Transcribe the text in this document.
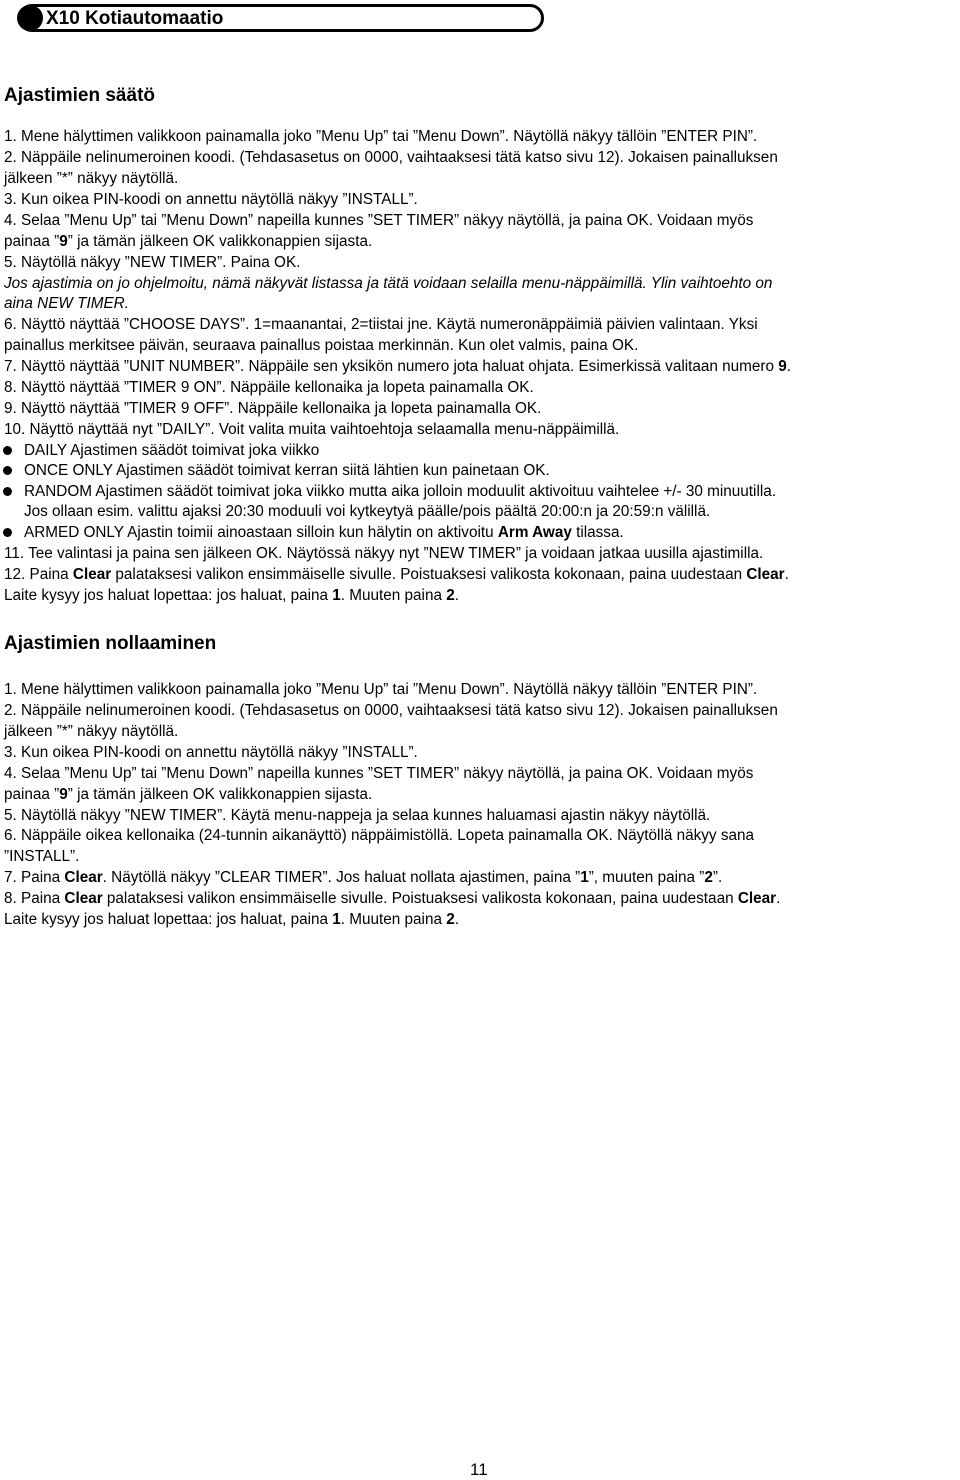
X10 Kotiautomaatio
Ajastimien säätö
1. Mene hälyttimen valikkoon painamalla joko ”Menu Up” tai ”Menu Down”. Näytöllä näkyy tällöin ”ENTER PIN”.
2. Näppäile nelinumeroinen koodi. (Tehdasasetus on 0000, vaihtaaksesi tätä katso sivu 12). Jokaisen painalluksen
jälkeen ”*” näkyy näytöllä.
3. Kun oikea PIN-koodi on annettu näytöllä näkyy ”INSTALL”.
4. Selaa ”Menu Up” tai ”Menu Down” napeilla kunnes ”SET TIMER” näkyy näytöllä, ja paina OK. Voidaan myös
painaa ”9” ja tämän jälkeen OK valikkonappien sijasta.
5. Näytöllä näkyy ”NEW TIMER”. Paina OK.
Jos ajastimia on jo ohjelmoitu, nämä näkyvät listassa ja tätä voidaan selailla menu-näppäimillä. Ylin vaihtoehto on
aina NEW TIMER.
6. Näyttö näyttää ”CHOOSE DAYS”. 1=maanantai, 2=tiistai jne. Käytä numeronäppäimiä päivien valintaan. Yksi
painallus merkitsee päivän, seuraava painallus poistaa merkinnän. Kun olet valmis, paina OK.
7. Näyttö näyttää ”UNIT NUMBER”. Näppäile sen yksikön numero jota haluat ohjata. Esimerkissä valitaan numero 9.
8. Näyttö näyttää ”TIMER 9 ON”. Näppäile kellonaika ja lopeta painamalla OK.
9. Näyttö näyttää ”TIMER 9 OFF”. Näppäile kellonaika ja lopeta painamalla OK.
10. Näyttö näyttää nyt ”DAILY”. Voit valita muita vaihtoehtoja selaamalla menu-näppäimillä.
DAILY Ajastimen säädöt toimivat joka viikko
ONCE ONLY Ajastimen säädöt toimivat kerran siitä lähtien kun painetaan OK.
RANDOM Ajastimen säädöt toimivat joka viikko mutta aika jolloin moduulit aktivoituu vaihtelee +/- 30 minuutilla.
Jos ollaan esim. valittu ajaksi 20:30 moduuli voi kytkeytyä päälle/pois päältä 20:00:n ja 20:59:n välillä.
ARMED ONLY Ajastin toimii ainoastaan silloin kun hälytin on aktivoitu Arm Away tilassa.
11. Tee valintasi ja paina sen jälkeen OK. Näytössä näkyy nyt ”NEW TIMER” ja voidaan jatkaa uusilla ajastimilla.
12. Paina Clear palataksesi valikon ensimmäiselle sivulle. Poistuaksesi valikosta kokonaan, paina uudestaan Clear.
Laite kysyy jos haluat lopettaa: jos haluat, paina 1. Muuten paina 2.
Ajastimien nollaaminen
1. Mene hälyttimen valikkoon painamalla joko ”Menu Up” tai ”Menu Down”. Näytöllä näkyy tällöin ”ENTER PIN”.
2. Näppäile nelinumeroinen koodi. (Tehdasasetus on 0000, vaihtaaksesi tätä katso sivu 12). Jokaisen painalluksen
jälkeen ”*” näkyy näytöllä.
3. Kun oikea PIN-koodi on annettu näytöllä näkyy ”INSTALL”.
4. Selaa ”Menu Up” tai ”Menu Down” napeilla kunnes ”SET TIMER” näkyy näytöllä, ja paina OK. Voidaan myös
painaa ”9” ja tämän jälkeen OK valikkonappien sijasta.
5. Näytöllä näkyy ”NEW TIMER”. Käytä menu-nappeja ja selaa kunnes haluamasi ajastin näkyy näytöllä.
6. Näppäile oikea kellonaika (24-tunnin aikanäyttö) näppäimistöllä. Lopeta painamalla OK. Näytöllä näkyy sana
”INSTALL”.
7. Paina Clear. Näytöllä näkyy ”CLEAR TIMER”. Jos haluat nollata ajastimen, paina ”1”, muuten paina ”2”.
8. Paina Clear palataksesi valikon ensimmäiselle sivulle. Poistuaksesi valikosta kokonaan, paina uudestaan Clear.
Laite kysyy jos haluat lopettaa: jos haluat, paina 1. Muuten paina 2.
11
